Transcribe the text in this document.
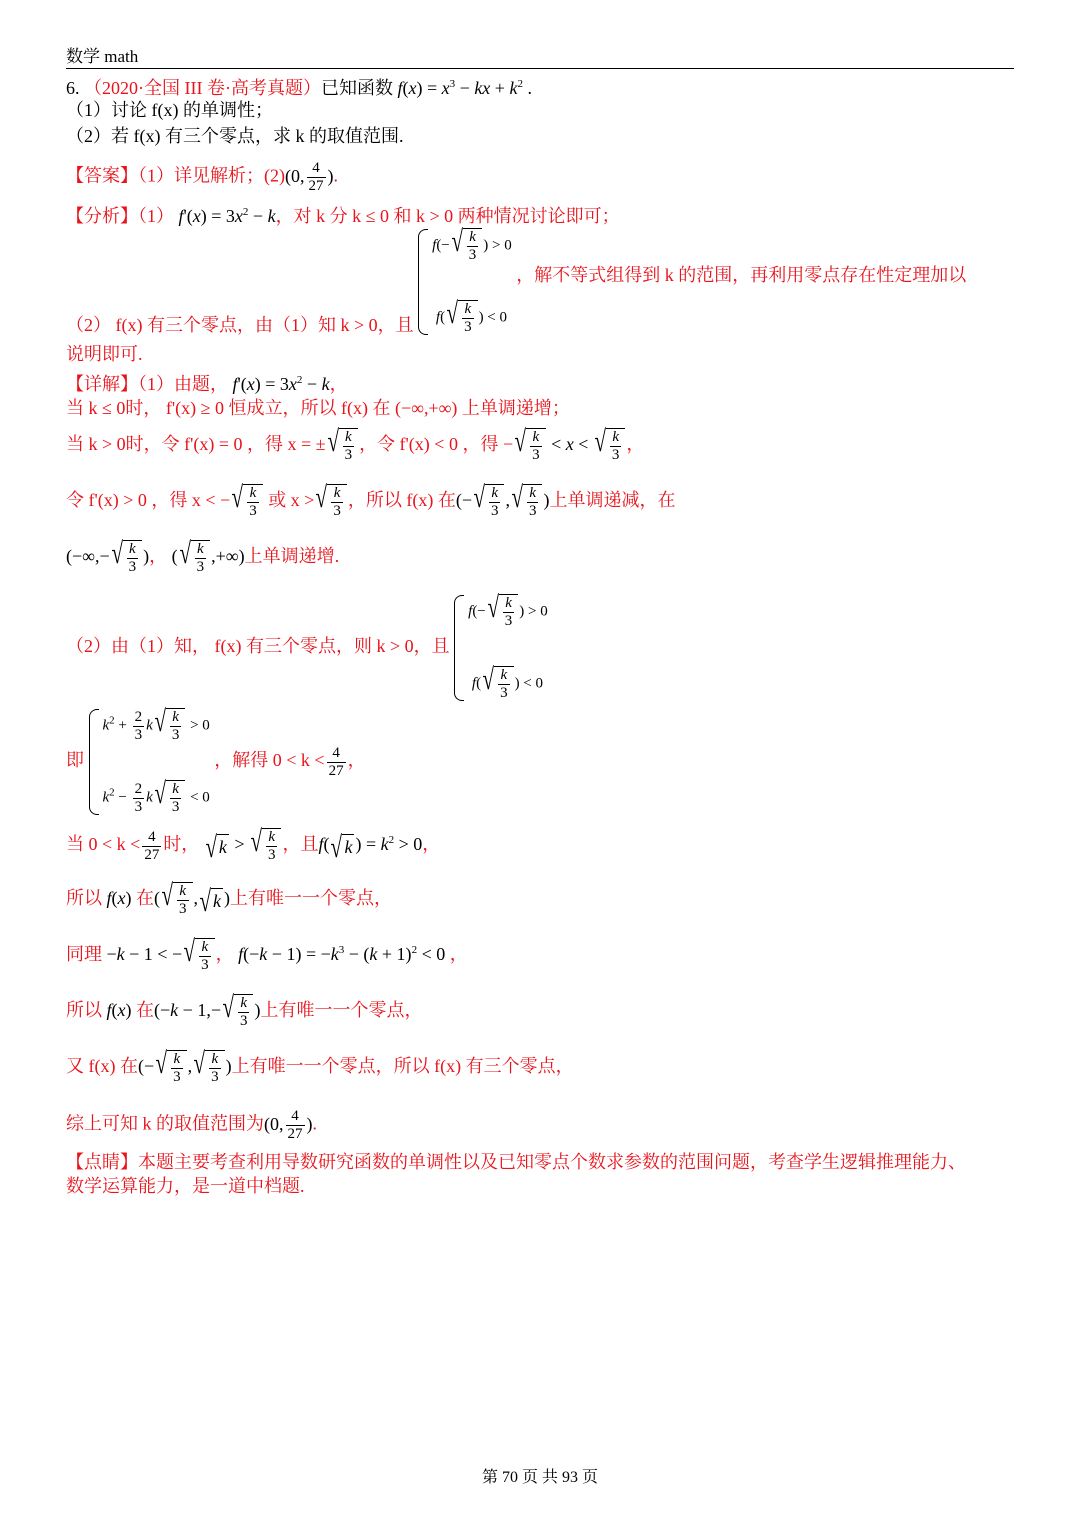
数学 math
6. （2020·全国 III 卷·高考真题）已知函数 $f(x) = x^3$ − kx + $k^2$ .
（1）讨论 f(x) 的单调性；
（2）若 f(x) 有三个零点，求 k 的取值范围.
【答案】（1）详见解析；(2)(0, $\frac{4}{27}$ ).
【分析】（1） $f'(x) = 3x^2 - k$，对 k 分 k ≤ 0 和 k > 0 两种情况讨论即可；
（2） f(x) 有三个零点，由（1）知 k > 0，且
f(− √ $\frac{k}{3}$ ) > 0
f( √ $\frac{k}{3}$ ) < 0
，解不等式组得到 k 的范围，再利用零点存在性定理加以
说明即可.
【详解】（1）由题， $f'(x) = 3x^2 - k$，
当 k ≤ 0时， f'(x) ≥ 0 恒成立，所以 f(x) 在 (−∞,+∞) 上单调递增；
当 k > 0时，令 f'(x) = 0 ，得 x = ± √ $\frac{k}{3}$ ，令 f'(x) < 0 ，得 − √ $\frac{k}{3} < x$ < √ $\frac{k}{3}$ ，
令 f'(x) > 0 ，得 x < − √ $\frac{k}{3}$ 或 x > √ $\frac{k}{3}$ ，所以 f(x) 在(− √ $\frac{k}{3}$ , √ $\frac{k}{3}$ )上单调递减，在
(−∞,− √ $\frac{k}{3}$ )， ( √ $\frac{k}{3}$ ,+∞)上单调递增.
（2）由（1）知， f(x) 有三个零点，则 k > 0，且
f(− √ $\frac{k}{3}$ ) > 0
f( √ $\frac{k}{3}$ ) < 0
即
$k^2 + \frac{2}{3}$ k √ $\frac{k}{3} > 0$
$k^2 - \frac{2}{3}$ k √ $\frac{k}{3} < 0$
，解得 $0 < k < \frac{4}{27}$ ，
当 $0 < k < \frac{4}{27}$ 时， √ k > √ $\frac{k}{3}$ ，且f( √ k ) = $k^2 > 0$，
所以 f(x) 在( √ $\frac{k}{3}$ , √ k )上有唯一一个零点，
同理 −k − 1 < − √ $\frac{k}{3}$ ， $f(-k - 1) = -k^3 - (k + 1)^2 < 0$ ，
所以 f(x) 在(−k − 1,− √ $\frac{k}{3}$ )上有唯一一个零点，
又 f(x) 在(− √ $\frac{k}{3}$ , √ $\frac{k}{3}$ )上有唯一一个零点，所以 f(x) 有三个零点，
综上可知 k 的取值范围为(0, $\frac{4}{27}$ ).
【点睛】本题主要考查利用导数研究函数的单调性以及已知零点个数求参数的范围问题，考查学生逻辑推理能力、
数学运算能力，是一道中档题.
第 70 页 共 93 页
